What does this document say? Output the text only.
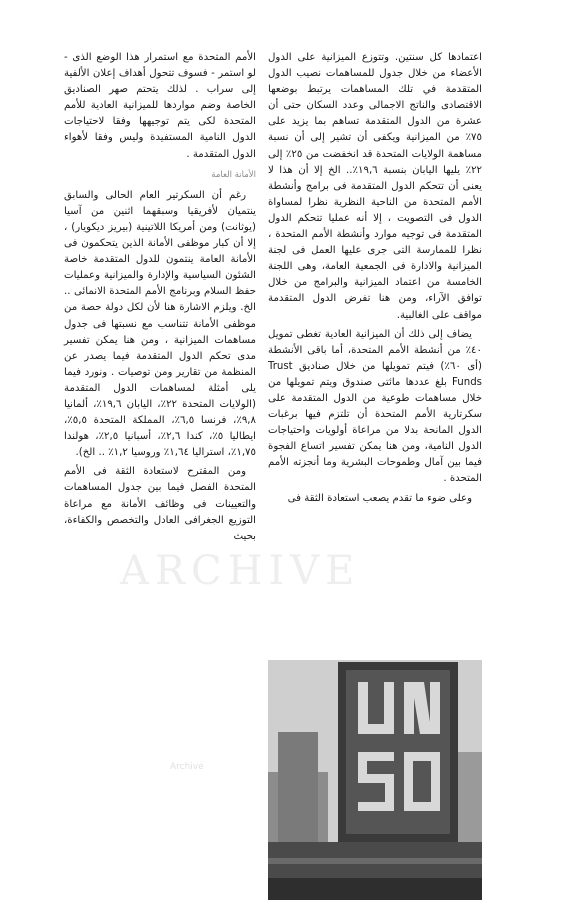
اعتمادها كل سنتين. وتتوزع الميزانية على الدول الأعضاء من خلال جدول للمساهمات نصيب الدول المتقدمة في تلك المساهمات يرتبط بوضعها الاقتصادى والناتج الاجمالى وعدد السكان حتى أن عشرة من الدول المتقدمة تساهم بما يزيد على ٧٥٪ من الميزانية ويكفى أن تشير إلى أن نسبة مساهمة الولايات المتحدة قد انخفضت من ٢٥٪ إلى ٢٢٪ يليها اليابان بنسبة ١٩,٦٪.. الخ إلا أن هذا لا يعنى أن تتحكم الدول المتقدمة فى برامج وأنشطة الأمم المتحدة من الناحية النظرية نظرا لمساواة الدول فى التصويت ، إلا أنه عمليا تتحكم الدول المتقدمة فى توجيه موارد وأنشطة الأمم المتحدة ، نظرا للممارسة التى جرى عليها العمل فى لجنة الميزانية والادارة فى الجمعية العامة، وهى اللجنة الخامسة من اعتماد الميزانية والبرامج من خلال توافق الآراء، ومن هنا تفرض الدول المتقدمة مواقف على الغالبية.

يضاف إلى ذلك أن الميزانية العادية تغطى تمويل ٤٠٪ من أنشطة الأمم المتحدة، أما باقى الأنشطة (أى ٦٠٪) فيتم تمويلها من خلال صناديق Trust Funds بلغ عددها مائتى صندوق ويتم تمويلها من خلال مساهمات طوعية من الدول المتقدمة على سكرتارية الأمم المتحدة أن تلتزم فيها برغبات الدول المانحة بدلا من مراعاة أولويات واحتياجات الدول النامية، ومن هنا يمكن تفسير اتساع الفجوة فيما بين آمال وطموحات البشرية وما أنجزته الأمم المتحدة .

وعلى ضوء ما تقدم يصعب استعادة الثقة فى

الأمم المتحدة مع استمرار هذا الوضع الذى - لو استمر - فسوف تتحول أهداف إعلان الألفية إلى سراب . لذلك يتحتم صهر الصناديق الخاصة وضم مواردها للميزانية العادية للأمم المتحدة لكى يتم توجيهها وفقا لاحتياجات الدول النامية المستفيدة وليس وفقا لأهواء الدول المتقدمة .

الأمانة العامة

رغم أن السكرتير العام الحالى والسابق ينتميان لأفريقيا وسبقهما اثنين من آسيا (يوثانت) ومن أمريكا اللاتينية (بيريز ديكويار) ، إلا أن كبار موظفى الأمانة الذين يتحكمون فى الأمانة العامة ينتمون للدول المتقدمة خاصة الشئون السياسية والإدارة والميزانية وعمليات حفظ السلام وبرنامج الأمم المتحدة الانمائى .. الخ. ويلزم الاشارة هنا لأن لكل دولة حصة من موظفى الأمانة تتناسب مع نسبتها فى جدول مساهمات الميزانية ، ومن هنا يمكن تفسير مدى تحكم الدول المتقدمة فيما يصدر عن المنظمة من تقارير ومن توصيات . ونورد فيما يلى أمثلة لمساهمات الدول المتقدمة (الولايات المتحدة ٢٢٪، اليابان ١٩,٦٪، ألمانيا ٩,٨٪، فرنسا ٦,٥٪، المملكة المتحدة ٥,٥٪، ايطاليا ٥٪، كندا ٢,٦٪، أسبانيا ٢,٥٪، هولندا ١,٧٥٪، استراليا ١,٦٤٪ وروسيا ١,٢٪ .. الخ).

ومن المقترح لاستعادة الثقة فى الأمم المتحدة الفصل فيما بين جدول المساهمات والتعيينات فى وظائف الأمانة مع مراعاة التوزيع الجغرافى العادل والتخصص والكفاءة، بحيث

ARCHIVE
Archive
